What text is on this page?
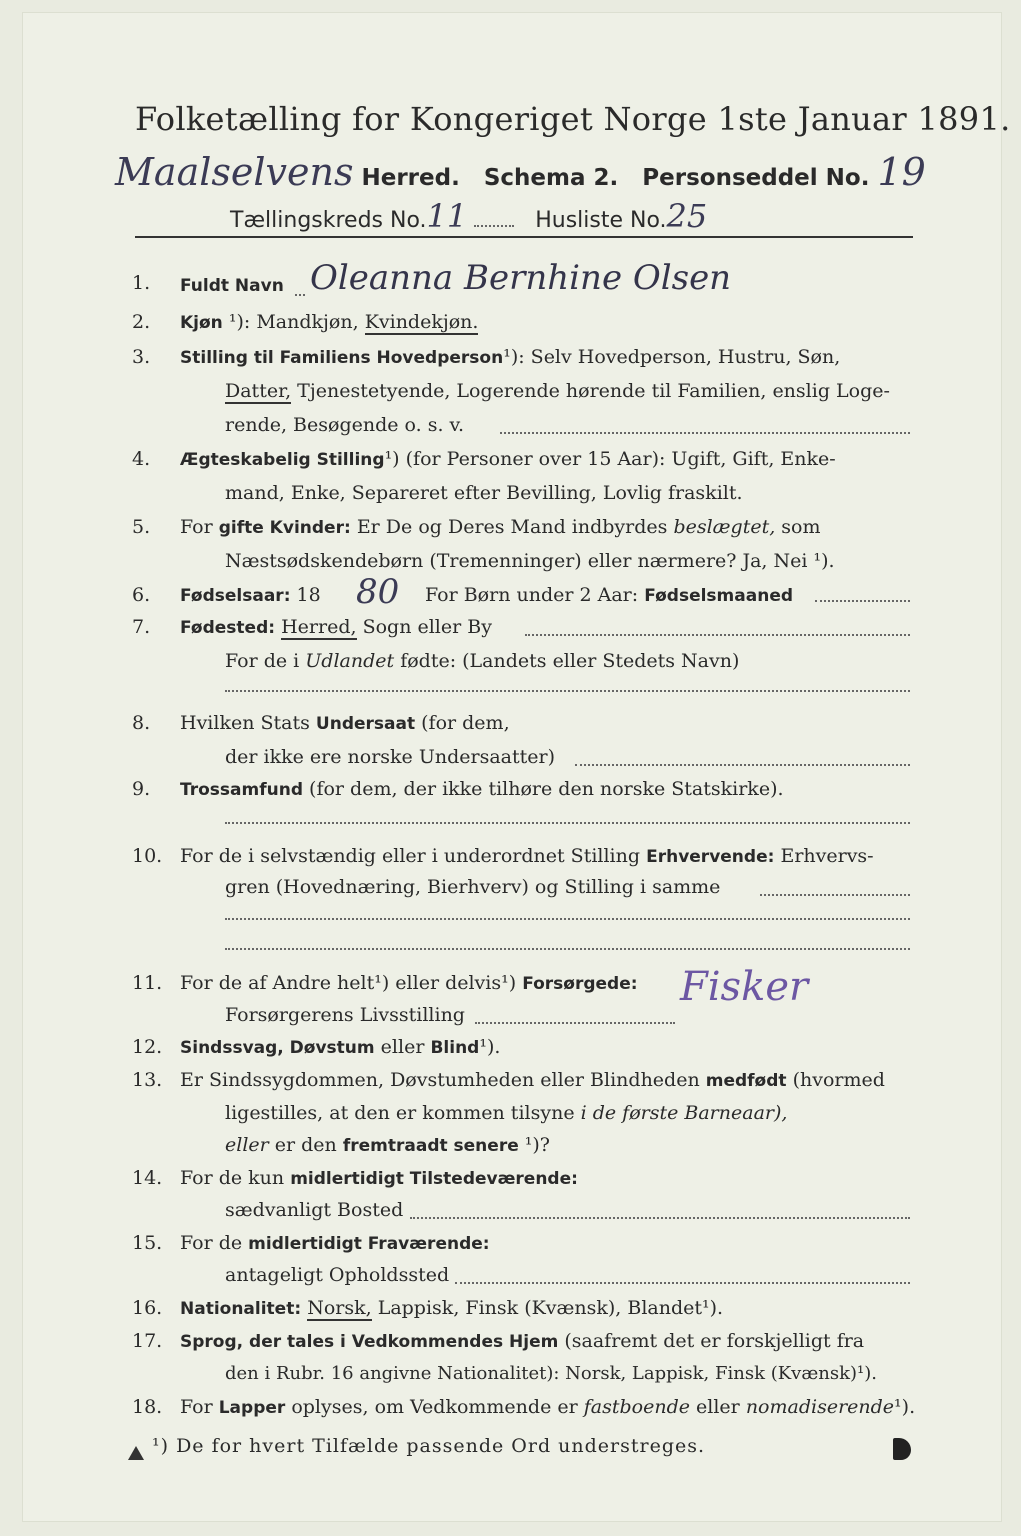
Folketælling for Kongeriget Norge 1ste Januar 1891.
Maalselvens Herred. Schema 2. Personseddel No. 19
Tællingskreds No.11	Husliste No.25
1.	Fuldt Navn Oleanna Bernhine Olsen
2.	Kjøn ¹): Mandkjøn, Kvindekjøn.
3.	Stilling til Familiens Hovedperson¹): Selv Hovedperson, Hustru, Søn,
Datter, Tjenestetyende, Logerende hørende til Familien, enslig Loge-
rende, Besøgende o. s. v.
4.	Ægteskabelig Stilling¹) (for Personer over 15 Aar): Ugift, Gift, Enke-
mand, Enke, Separeret efter Bevilling, Lovlig fraskilt.
5.	For gifte Kvinder: Er De og Deres Mand indbyrdes beslægtet, som
Næstsødskendebørn (Tremenninger) eller nærmere? Ja, Nei ¹).
6.	Fødselsaar: 18 80 For Børn under 2 Aar: Fødselsmaaned
7.	Fødested: Herred, Sogn eller By
For de i Udlandet fødte: (Landets eller Stedets Navn)
8.	Hvilken Stats Undersaat (for dem,
der ikke ere norske Undersaatter)
9.	Trossamfund (for dem, der ikke tilhøre den norske Statskirke).
10. For de i selvstændig eller i underordnet Stilling Erhvervende: Erhvervs-
gren (Hovednæring, Bierhverv) og Stilling i samme
11. For de af Andre helt¹) eller delvis¹) Forsørgede:
Forsørgerens Livsstilling
Fisker
12.	Sindssvag, Døvstum eller Blind¹).
13. Er Sindssygdommen, Døvstumheden eller Blindheden medfødt (hvormed
ligestilles, at den er kommen tilsyne i de første Barneaar),
eller er den fremtraadt senere ¹)?
14. For de kun midlertidigt Tilstedeværende:
sædvanligt Bosted
15. For de midlertidigt Fraværende:
antageligt Opholdssted
16.	Nationalitet: Norsk, Lappisk, Finsk (Kvænsk), Blandet¹).
17.	Sprog, der tales i Vedkommendes Hjem (saafremt det er forskjelligt fra
den i Rubr. 16 angivne Nationalitet): Norsk, Lappisk, Finsk (Kvænsk)¹).
18. For Lapper oplyses, om Vedkommende er fastboende eller nomadiserende¹).
¹) De for hvert Tilfælde passende Ord understreges.
